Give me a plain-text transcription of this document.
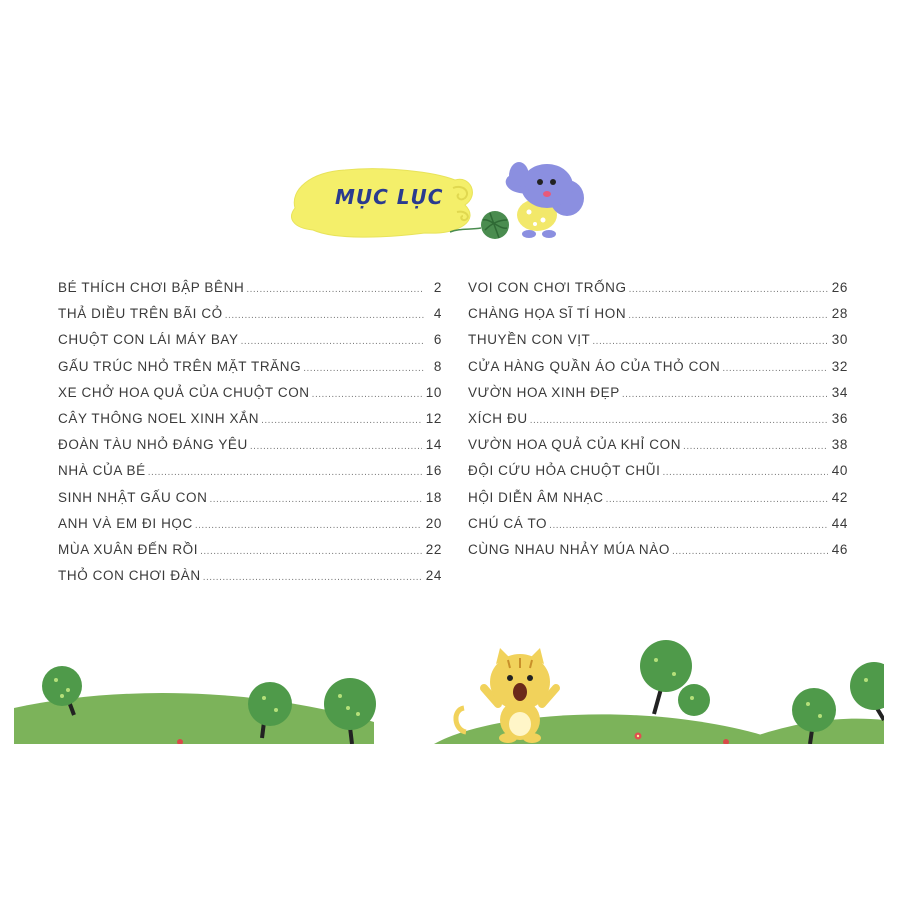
MỤC LỤC
BÉ THÍCH CHƠI BẬP BÊNH .....	2
THẢ DIỀU TRÊN BÃI CỎ .....	4
CHUỘT CON LÁI MÁY BAY .....	6
GẤU TRÚC NHỎ TRÊN MẶT TRĂNG .....	8
XE CHỞ HOA QUẢ CỦA CHUỘT CON .....	10
CÂY THÔNG NOEL XINH XẮN .....	12
ĐOÀN TÀU NHỎ ĐÁNG YÊU .....	14
NHÀ CỦA BÉ .....	16
SINH NHẬT GẤU CON .....	18
ANH VÀ EM ĐI HỌC .....	20
MÙA XUÂN ĐẾN RỒI .....	22
THỎ CON CHƠI ĐÀN .....	24
VOI CON CHƠI TRỐNG .....	26
CHÀNG HỌA SĨ TÍ HON .....	28
THUYỀN CON VỊT .....	30
CỬA HÀNG QUẦN ÁO CỦA THỎ CON .....	32
VƯỜN HOA XINH ĐẸP .....	34
XÍCH ĐU .....	36
VƯỜN HOA QUẢ CỦA KHỈ CON .....	38
ĐỘI CỨU HỎA CHUỘT CHŨI .....	40
HỘI DIỄN ÂM NHẠC .....	42
CHÚ CÁ TO .....	44
CÙNG NHAU NHẢY MÚA NÀO .....	46
